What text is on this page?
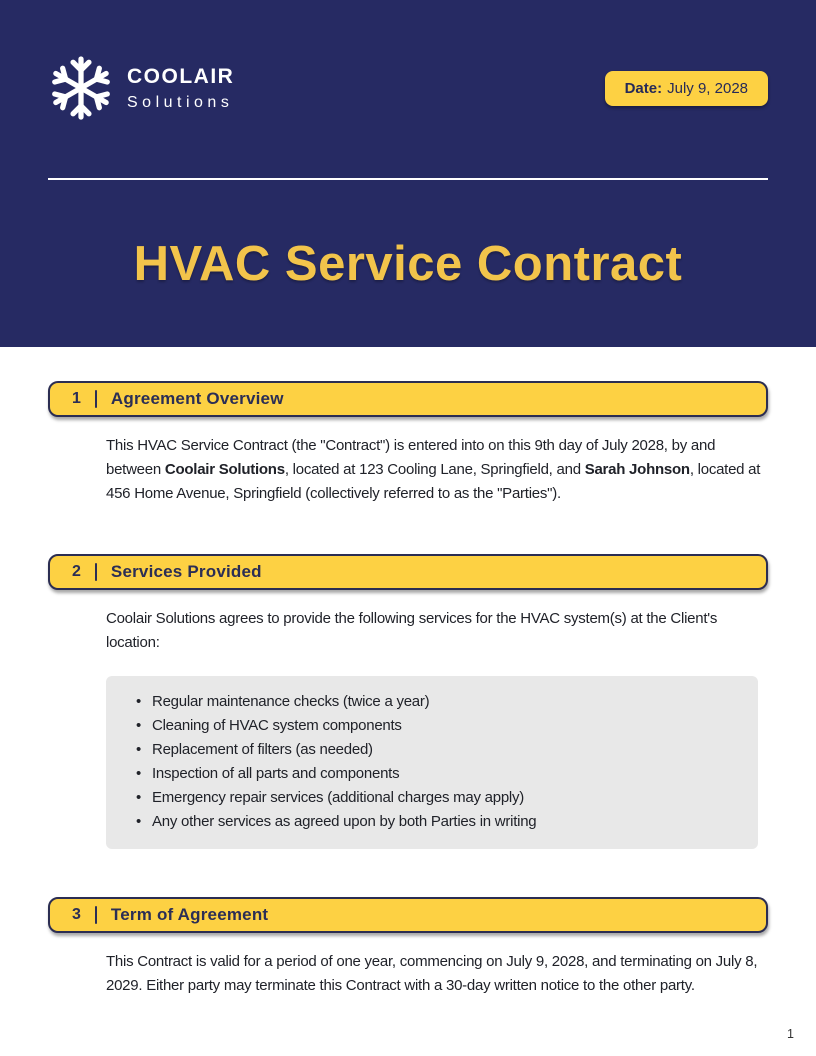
COOLAIR
Solutions
Date: July 9, 2028
HVAC Service Contract
1 Agreement Overview

This HVAC Service Contract (the "Contract") is entered into on this 9th day of July 2028, by and between Coolair Solutions, located at 123 Cooling Lane, Springfield, and Sarah Johnson, located at 456 Home Avenue, Springfield (collectively referred to as the "Parties").

2 Services Provided

Coolair Solutions agrees to provide the following services for the HVAC system(s) at the Client's location:

• Regular maintenance checks (twice a year)
• Cleaning of HVAC system components
• Replacement of filters (as needed)
• Inspection of all parts and components
• Emergency repair services (additional charges may apply)
• Any other services as agreed upon by both Parties in writing
3 Term of Agreement

This Contract is valid for a period of one year, commencing on July 9, 2028, and terminating on July 8, 2029. Either party may terminate this Contract with a 30-day written notice to the other party.

1
